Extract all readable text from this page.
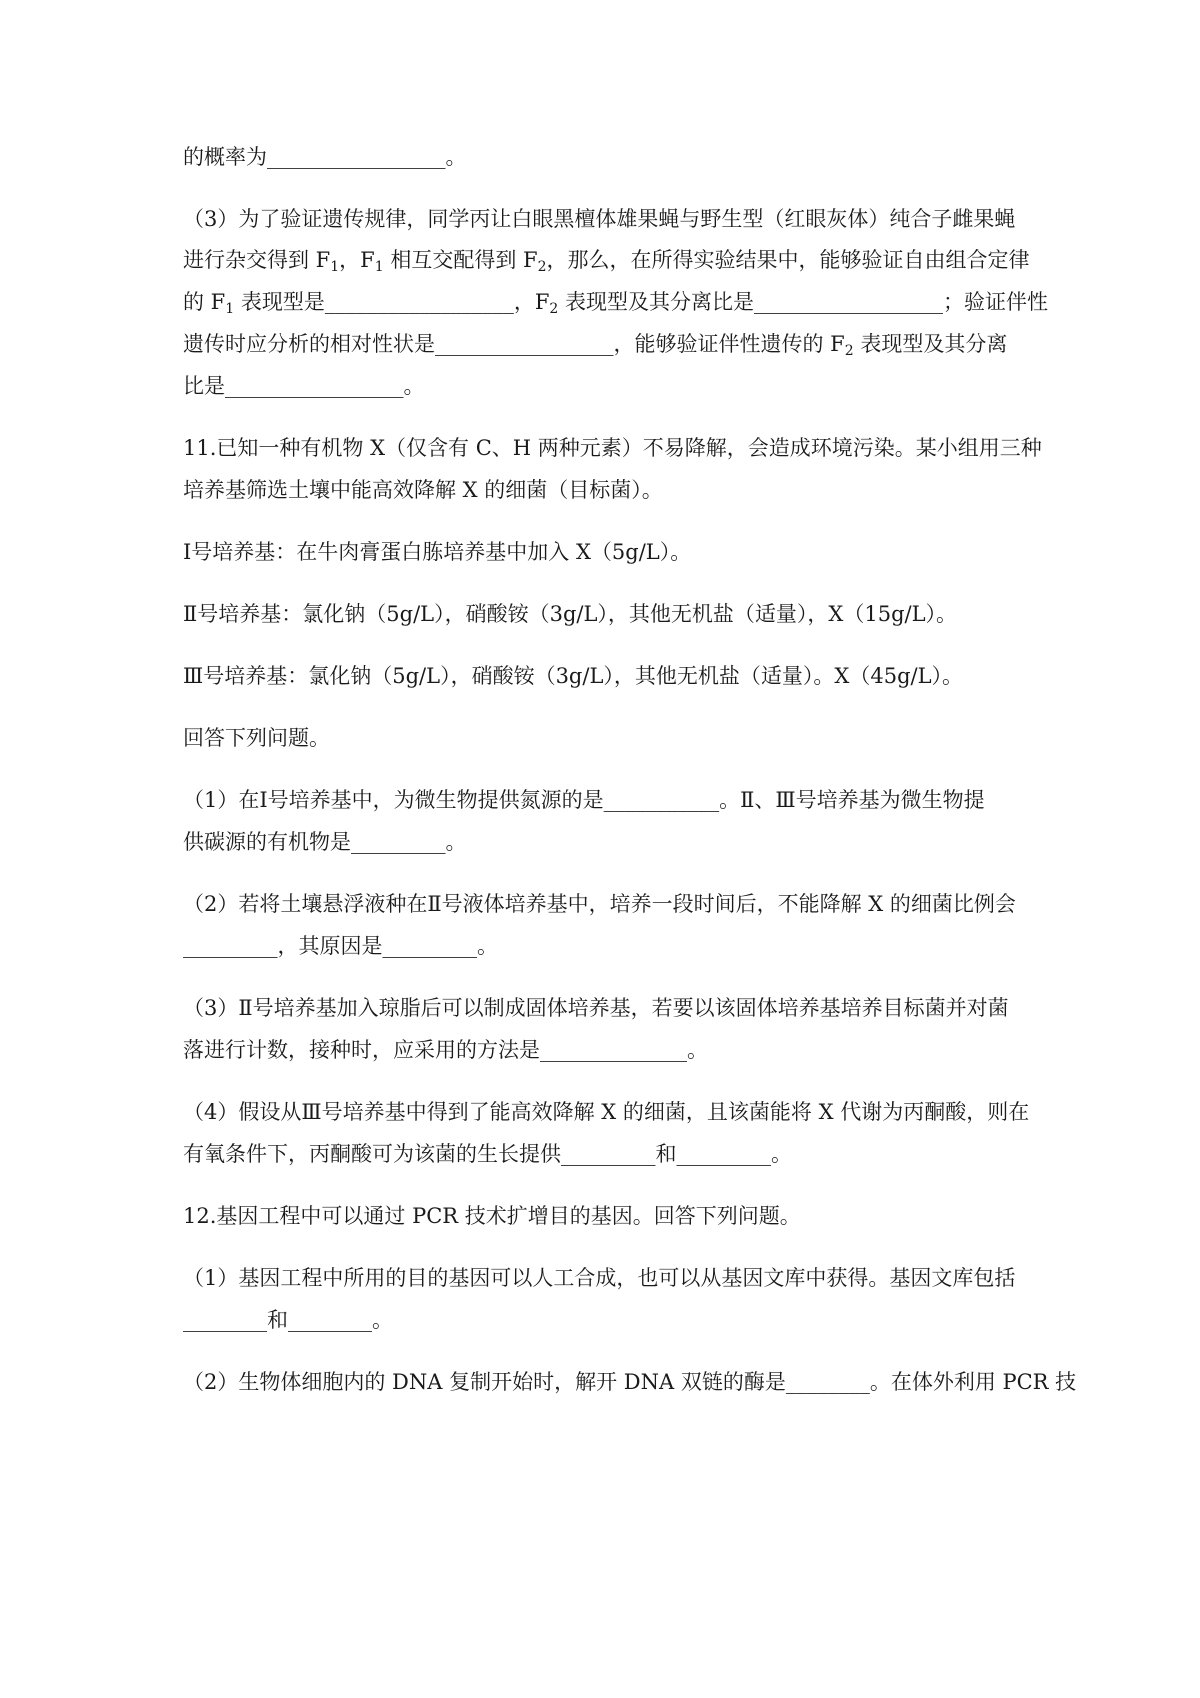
的概率为_________________。
（3）为了验证遗传规律，同学丙让白眼黑檀体雄果蝇与野生型（红眼灰体）纯合子雌果蝇
进行杂交得到 $F_1$，$F_1$ 相互交配得到 $F_2$，那么，在所得实验结果中，能够验证自由组合定律
的 $F_1$ 表现型是__________________，$F_2$ 表现型及其分离比是__________________；验证伴性
遗传时应分析的相对性状是_________________，能够验证伴性遗传的 $F_2$ 表现型及其分离
比是_________________。
11.已知一种有机物 X（仅含有 C、H 两种元素）不易降解，会造成环境污染。某小组用三种
培养基筛选土壤中能高效降解 X 的细菌（目标菌）。
Ⅰ号培养基：在牛肉膏蛋白胨培养基中加入 X（5g/L）。
Ⅱ号培养基：氯化钠（5g/L），硝酸铵（3g/L），其他无机盐（适量），X（15g/L）。
Ⅲ号培养基：氯化钠（5g/L），硝酸铵（3g/L），其他无机盐（适量）。X（45g/L）。
回答下列问题。
（1）在Ⅰ号培养基中，为微生物提供氮源的是___________。Ⅱ、Ⅲ号培养基为微生物提
供碳源的有机物是_________。
（2）若将土壤悬浮液种在Ⅱ号液体培养基中，培养一段时间后，不能降解 X 的细菌比例会
_________，其原因是_________。
（3）Ⅱ号培养基加入琼脂后可以制成固体培养基，若要以该固体培养基培养目标菌并对菌
落进行计数，接种时，应采用的方法是______________。
（4）假设从Ⅲ号培养基中得到了能高效降解 X 的细菌，且该菌能将 X 代谢为丙酮酸，则在
有氧条件下，丙酮酸可为该菌的生长提供_________和_________。
12.基因工程中可以通过 PCR 技术扩增目的基因。回答下列问题。
（1）基因工程中所用的目的基因可以人工合成，也可以从基因文库中获得。基因文库包括
________和________。
（2）生物体细胞内的 DNA 复制开始时，解开 DNA 双链的酶是________。在体外利用 PCR 技
